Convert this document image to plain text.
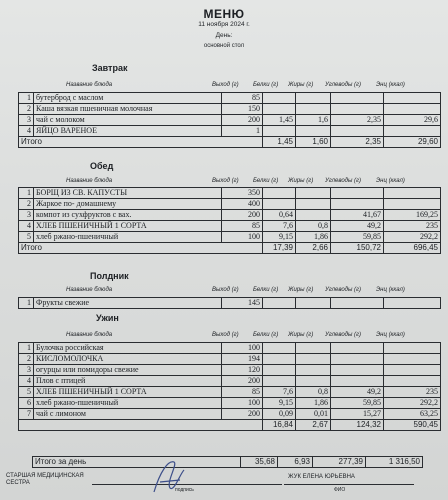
МЕНЮ
11 ноября 2024 г.
День:
основной стол
Завтрак
Название блюда	Выход (г) Белки (г) Жиры (г) Углеводы (г) Энц (ккал)
1	бутерброд с маслом	85				
2	Каша вязкая пшеничная молочная	150				
3	чай с молоком	200	1,45	1,6	2,35	29,6
4	ЯЙЦО ВАРЕНОЕ	1				
Итого			1,45	1,60	2,35	29,60
Обед
Название блюда	Выход (г) Белки (г) Жиры (г) Углеводы (г) Энц (ккал)
1	БОРЩ ИЗ СВ. КАПУСТЫ	350				
2	Жаркое по- домашнему	400				
3	компот из сухфруктов с вах.	200	0,64		41,67	169,25
4	ХЛЕБ ПШЕНИЧНЫЙ 1 СОРТА	85	7,6	0,8	49,2	235
5	хлеб ржано-пшеничный	100	9,15	1,86	59,85	292,2
Итого			17,39	2,66	150,72	696,45
Полдник
Название блюда	Выход (г) Белки (г) Жиры (г) Углеводы (г) Энц (ккал)
1	Фрукты свежие	145				
Ужин
Название блюда	Выход (г) Белки (г) Жиры (г) Углеводы (г) Энц (ккал)
1	Булочка российская	100				
2	КИСЛОМОЛОЧКА	194				
3	огурцы или помидоры свежие	120				
4	Плов с птицей	200				
5	ХЛЕБ ПШЕНИЧНЫЙ 1 СОРТА	85	7,6	0,8	49,2	235
6	хлеб ржано-пшеничный	100	9,15	1,86	59,85	292,2
7	чай с лимоном	200	0,09	0,01	15,27	63,25
			16,84	2,67	124,32	590,45
Итого за день	35,68	6,93	277,39	1 316,50
СТАРШАЯ МЕДИЦИНСКАЯ СЕСТРА
подпись
ЖУК ЕЛЕНА ЮРЬЕВНА
ФИО
